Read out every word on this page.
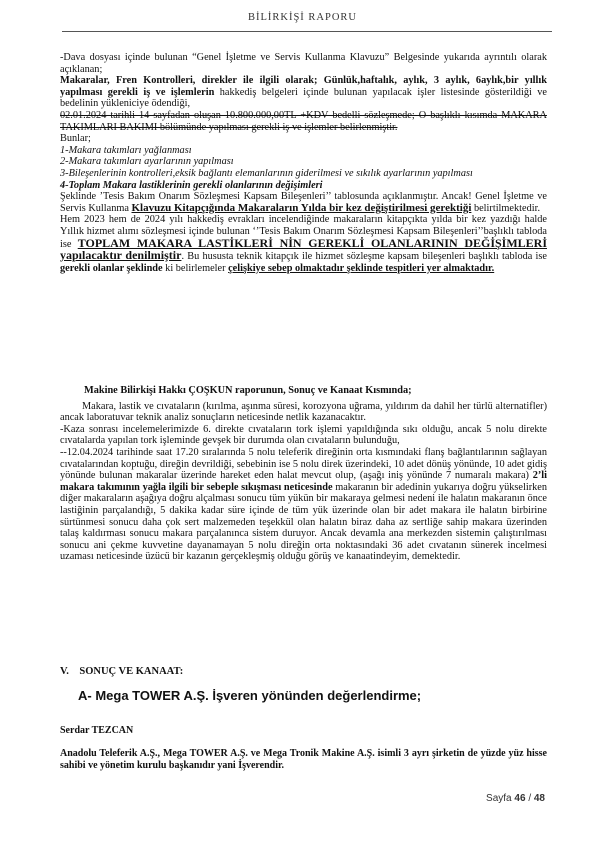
BİLİRKİŞİ RAPORU

-Dava dosyası içinde bulunan “Genel İşletme ve Servis Kullanma Klavuzu” Belgesinde yukarıda ayrıntılı olarak açıklanan;

Makaralar, Fren Kontrolleri, direkler ile ilgili olarak; Günlük,haftalık, aylık, 3 aylık, 6aylık,bir yıllık yapılması gerekli iş ve işlemlerin hakkediş belgeleri içinde bulunan yapılacak işler listesinde gösterildiği ve bedelinin yükleniciye ödendiği,

02.01.2024 tarihli 14 sayfadan oluşan 10.800.000,00TL +KDV bedelli sözleşmede; O başlıklı kısımda MAKARA TAKIMLARI BAKIMI bölümünde yapılması gerekli iş ve işlemler belirlenmiştir.

Bunlar;

1-Makara takımları yağlanması

2-Makara takımları ayarlarının yapılması

3-Bileşenlerinin kontrolleri,eksik bağlantı elemanlarının giderilmesi ve sıkılık ayarlarının yapılması

4-Toplam Makara lastiklerinin gerekli olanlarının değişimleri

Şeklinde ’Tesis Bakım Onarım Sözleşmesi Kapsam Bileşenleri’’ tablosunda açıklanmıştır. Ancak! Genel İşletme ve Servis Kullanma Klavuzu Kitapçığında Makaraların Yılda bir kez değiştirilmesi gerektiği belirtilmektedir.

Hem 2023 hem de 2024 yılı hakkediş evrakları incelendiğinde makaraların kitapçıkta yılda bir kez yazdığı halde Yıllık hizmet alımı sözleşmesi içinde bulunan ‘’Tesis Bakım Onarım Sözleşmesi Kapsam Bileşenleri’’başlıklı tabloda ise TOPLAM MAKARA LASTİKLERİ NİN GEREKLİ OLANLARININ DEĞİŞİMLERİ yapılacaktır denilmiştir. Bu hususta teknik kitapçık ile hizmet sözleşme kapsam bileşenleri başlıklı tabloda ise gerekli olanlar şeklinde ki belirlemeler çelişkiye sebep olmaktadır şeklinde tespitleri yer almaktadır.

Makine Bilirkişi Hakkı ÇOŞKUN raporunun, Sonuç ve Kanaat Kısmında;

Makara, lastik ve cıvataların (kırılma, aşınma süresi, korozyona uğrama, yıldırım da dahil her türlü alternatifler) ancak laboratuvar teknik analiz sonuçların neticesinde netlik kazanacaktır.

-Kaza sonrası incelemelerimizde 6. direkte cıvataların tork işlemi yapıldığında sıkı olduğu, ancak 5 nolu direkte cıvatalarda yapılan tork işleminde gevşek bir durumda olan cıvataların bulunduğu,

--12.04.2024 tarihinde saat 17.20 sıralarında 5 nolu teleferik direğinin orta kısmındaki flanş bağlantılarının sağlayan cıvatalarından koptuğu, direğin devrildiği, sebebinin ise 5 nolu direk üzerindeki, 10 adet dönüş yönünde, 10 adet gidiş yönünde bulunan makaralar üzerinde hareket eden halat mevcut olup, (aşağı iniş yönünde 7 numaralı makara) 2’li makara takımının yağla ilgili bir sebeple sıkışması neticesinde makaranın bir adedinin yukarıya doğru yükselirken diğer makaraların aşağıya doğru alçalması sonucu tüm yükün bir makaraya gelmesi nedeni ile halatın makaranın önce lastiğinin parçalandığı, 5 dakika kadar süre içinde de tüm yük üzerinde olan bir adet makara ile halatın birbirine sürtünmesi sonucu daha çok sert malzemeden teşekkül olan halatın biraz daha az sertliğe sahip makara üzerinden talaş kaldırması sonucu makara parçalanınca sistem duruyor. Ancak devamla ana merkezden sistemin çalıştırılması sonucu ani çekme kuvvetine dayanamayan 5 nolu direğin orta noktasındaki 36 adet cıvatanın sünerek incelmesi uzaması neticesinde üzücü bir kazanın gerçekleşmiş olduğu görüş ve kanaatindeyim, demektedir.

V. SONUÇ VE KANAAT:
A- Mega TOWER A.Ş. İşveren yönünden değerlendirme;
Serdar TEZCAN
Anadolu Teleferik A.Ş., Mega TOWER A.Ş. ve Mega Tronik Makine A.Ş. isimli 3 ayrı şirketin de yüzde yüz hisse sahibi ve yönetim kurulu başkanıdır yani İşverendir.
Sayfa 46 / 48
